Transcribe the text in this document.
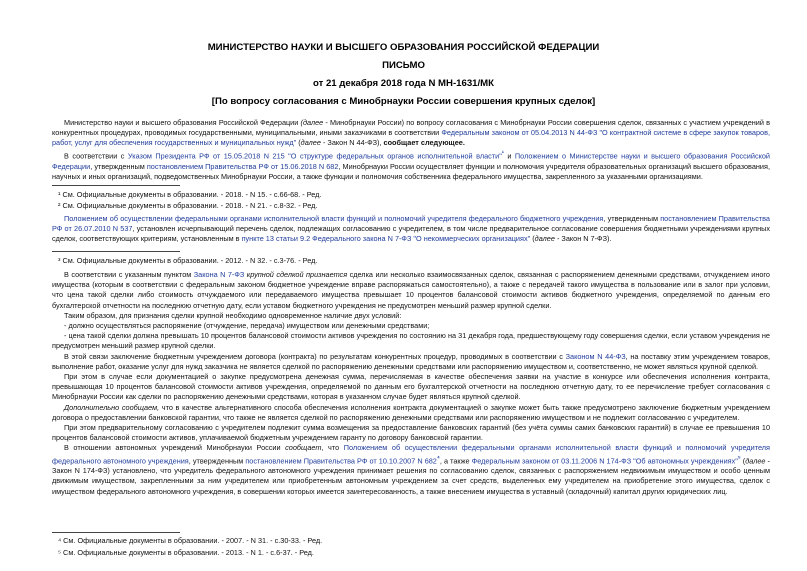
МИНИСТЕРСТВО НАУКИ И ВЫСШЕГО ОБРАЗОВАНИЯ РОССИЙСКОЙ ФЕДЕРАЦИИ
ПИСЬМО
от 21 декабря 2018 года N МН-1631/МК
[По вопросу согласования с Минобрнауки России совершения крупных сделок]

Министерство науки и высшего образования Российской Федерации (далее - Минобрнауки России) по вопросу согласования с Минобрнауки России совершения сделок, связанных с участием учреждений в конкурентных процедурах, проводимых государственными, муниципальными, иными заказчиками в соответствии Федеральным законом от 05.04.2013 N 44-ФЗ "О контрактной системе в сфере закупок товаров, работ, услуг для обеспечения государственных и муниципальных нужд" (далее - Закон N 44-ФЗ), сообщает следующее.

В соответствии с Указом Президента РФ от 15.05.2018 N 215 "О структуре федеральных органов исполнительной власти"$^{^1}$ и Положением о Министерстве науки и высшего образования Российской Федерации, утвержденным постановлением Правительства РФ от 15.06.2018 N 682, Минобрнауки России осуществляет функции и полномочия учредителя образовательных организаций высшего образования, научных и иных организаций, подведомственных Минобрнауки России, а также функции и полномочия собственника федерального имущества, закрепленного за указанными организациями.

¹ См. Официальные документы в образовании. - 2018. - N 15. - с.66-68. - Ред.
² См. Официальные документы в образовании. - 2018. - N 21. - с.8-32. - Ред.

Положением об осуществлении федеральными органами исполнительной власти функций и полномочий учредителя федерального бюджетного учреждения, утвержденным постановлением Правительства РФ от 26.07.2010 N 537, установлен исчерпывающий перечень сделок, подлежащих согласованию с учредителем, в том числе предварительное согласование совершения бюджетными учреждениями крупных сделок, соответствующих критериям, установленным в пункте 13 статьи 9.2 Федерального закона N 7-ФЗ "О некоммерческих организациях" (далее - Закон N 7-ФЗ).

³ См. Официальные документы в образовании. - 2012. - N 32. - с.3-76. - Ред.

В соответствии с указанным пунктом Закона N 7-ФЗ крупной сделкой признается сделка или несколько взаимосвязанных сделок, связанная с распоряжением денежными средствами, отчуждением иного имущества (которым в соответствии с федеральным законом бюджетное учреждение вправе распоряжаться самостоятельно), а также с передачей такого имущества в пользование или в залог при условии, что цена такой сделки либо стоимость отчуждаемого или передаваемого имущества превышает 10 процентов балансовой стоимости активов бюджетного учреждения, определяемой по данным его бухгалтерской отчетности на последнюю отчетную дату, если уставом бюджетного учреждения не предусмотрен меньший размер крупной сделки.

Таким образом, для признания сделки крупной необходимо одновременное наличие двух условий:

- должно осуществляться распоряжение (отчуждение, передача) имуществом или денежными средствами;

- цена такой сделки должна превышать 10 процентов балансовой стоимости активов учреждения по состоянию на 31 декабря года, предшествующему году совершения сделки, если уставом учреждения не предусмотрен меньший размер крупной сделки.

В этой связи заключение бюджетным учреждением договора (контракта) по результатам конкурентных процедур, проводимых в соответствии с Законом N 44-ФЗ, на поставку этим учреждением товаров, выполнение работ, оказание услуг для нужд заказчика не является сделкой по распоряжению денежными средствами или распоряжению имуществом и, соответственно, не может являться крупной сделкой.

При этом в случае если документацией о закупке предусмотрена денежная сумма, перечисляемая в качестве обеспечения заявки на участие в конкурсе или обеспечения исполнения контракта, превышающая 10 процентов балансовой стоимости активов учреждения, определяемой по данным его бухгалтерской отчетности на последнюю отчетную дату, то ее перечисление требует согласования с Минобрнауки России как сделки по распоряжению денежными средствами, которая в указанном случае будет являться крупной сделкой.

Дополнительно сообщаем, что в качестве альтернативного способа обеспечения исполнения контракта документацией о закупке может быть также предусмотрено заключение бюджетным учреждением договора о предоставлении банковской гарантии, что также не является сделкой по распоряжению денежными средствами или распоряжению имуществом и не подлежит согласованию с учредителем.

При этом предварительному согласованию с учредителем подлежит сумма возмещения за предоставление банковских гарантий (без учёта суммы самих банковских гарантий) в случае ее превышения 10 процентов балансовой стоимости активов, уплачиваемой бюджетным учреждением гаранту по договору банковской гарантии.

В отношении автономных учреждений Минобрнауки России сообщает, что Положением об осуществлении федеральными органами исполнительной власти функций и полномочий учредителя федерального автономного учреждения, утвержденным постановлением Правительства РФ от 10.10.2007 N $682^{^4}$, а также Федеральным законом от 03.11.2006 N 174-ФЗ "Об автономных учреждениях"$^{^5}$ (далее - Закон N 174-ФЗ) установлено, что учредитель федерального автономного учреждения принимает решения по согласованию сделок, связанных с распоряжением недвижимым имуществом и особо ценным движимым имуществом, закрепленными за ним учредителем или приобретенным автономным учреждением за счет средств, выделенных ему учредителем на приобретение этого имущества, сделок с имуществом федерального автономного учреждения, в совершении которых имеется заинтересованность, а также внесением имущества в уставный (складочный) капитал других юридических лиц.

⁴ См. Официальные документы в образовании. - 2007. - N 31. - с.30-33. - Ред.
⁵ См. Официальные документы в образовании. - 2013. - N 1. - с.6-37. - Ред.
